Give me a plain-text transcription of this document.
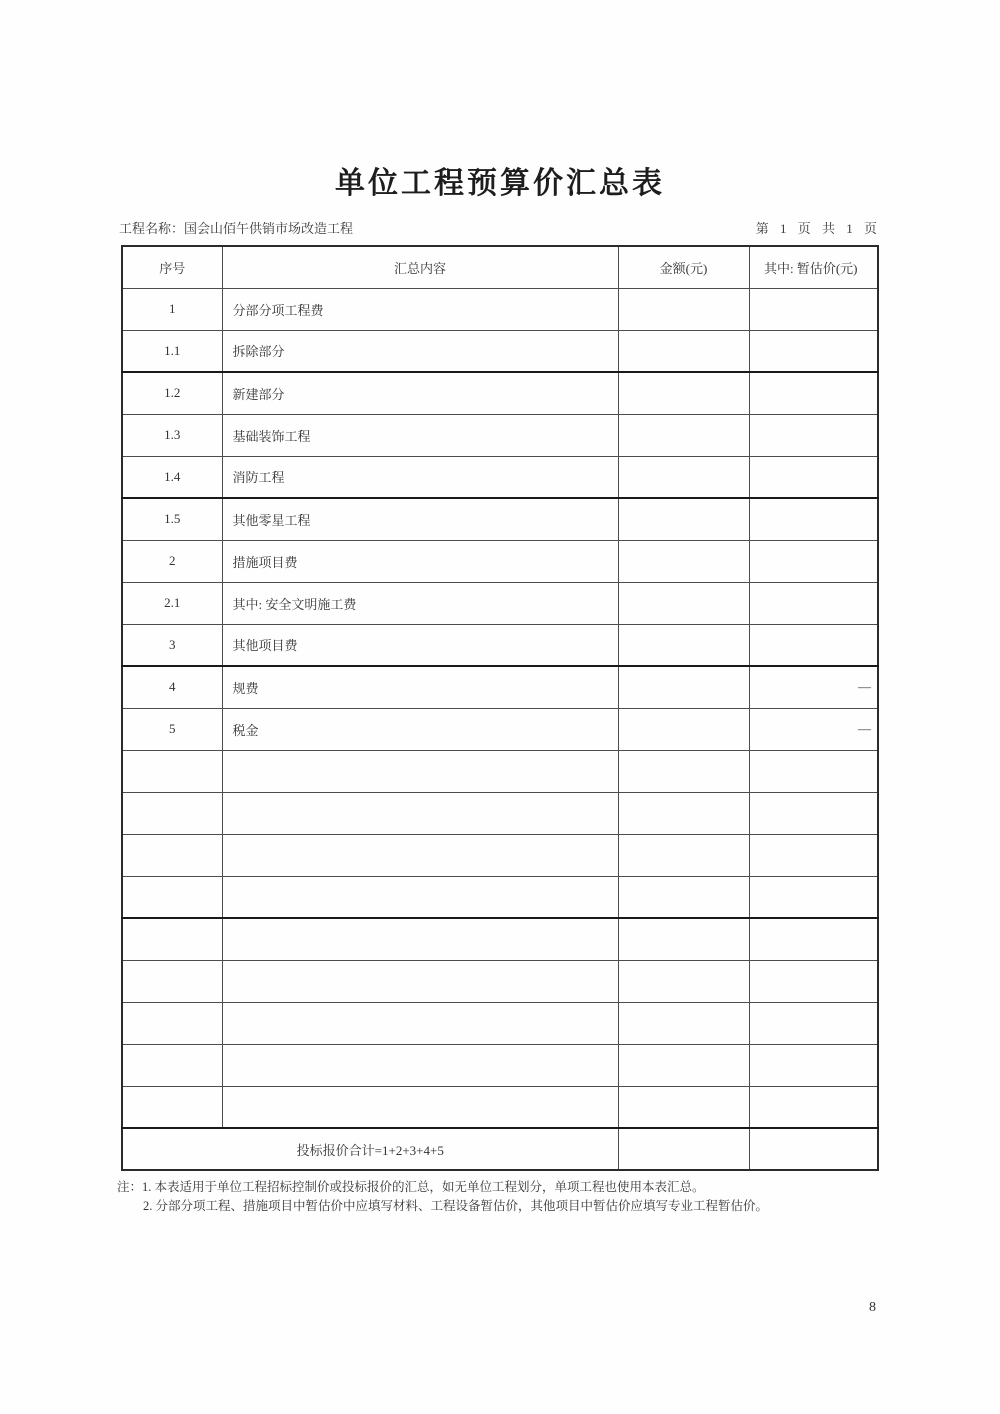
单位工程预算价汇总表
工程名称：国会山佰午供销市场改造工程	第 1 页 共 1 页
序号	汇总内容	金额(元)	其中: 暂估价(元)
1	分部分项工程费		
1.1	拆除部分		
1.2	新建部分		
1.3	基础装饰工程		
1.4	消防工程		
1.5	其他零星工程		
2	措施项目费		
2.1	其中: 安全文明施工费		
3	其他项目费		
4	规费		—
5	税金		—

投标报价合计=1+2+3+4+5			
注：1. 本表适用于单位工程招标控制价或投标报价的汇总，如无单位工程划分，单项工程也使用本表汇总。
2. 分部分项工程、措施项目中暂估价中应填写材料、工程设备暂估价，其他项目中暂估价应填写专业工程暂估价。
8
